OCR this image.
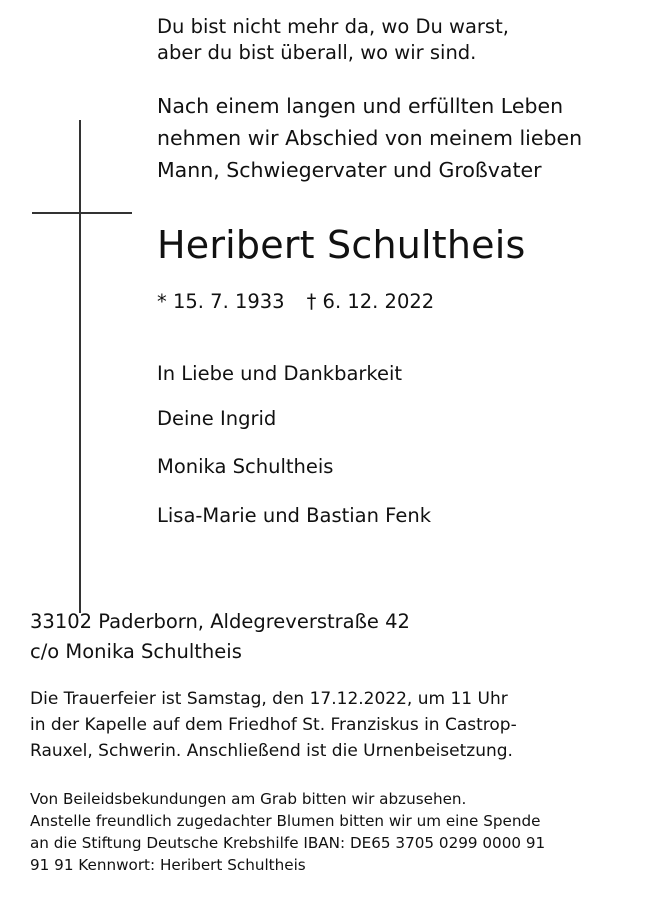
Du bist nicht mehr da, wo Du warst,
aber du bist überall, wo wir sind.
Nach einem langen und erfüllten Leben
nehmen wir Abschied von meinem lieben
Mann, Schwiegervater und Großvater
Heribert Schultheis
* 15. 7. 1933 † 6. 12. 2022
In Liebe und Dankbarkeit
Deine Ingrid
Monika Schultheis
Lisa-Marie und Bastian Fenk
33102 Paderborn, Aldegreverstraße 42
c/o Monika Schultheis
Die Trauerfeier ist Samstag, den 17.12.2022, um 11 Uhr
in der Kapelle auf dem Friedhof St. Franziskus in Castrop-
Rauxel, Schwerin. Anschließend ist die Urnenbeisetzung.
Von Beileidsbekundungen am Grab bitten wir abzusehen.
Anstelle freundlich zugedachter Blumen bitten wir um eine Spende
an die Stiftung Deutsche Krebshilfe IBAN: DE65 3705 0299 0000 91
91 91 Kennwort: Heribert Schultheis
